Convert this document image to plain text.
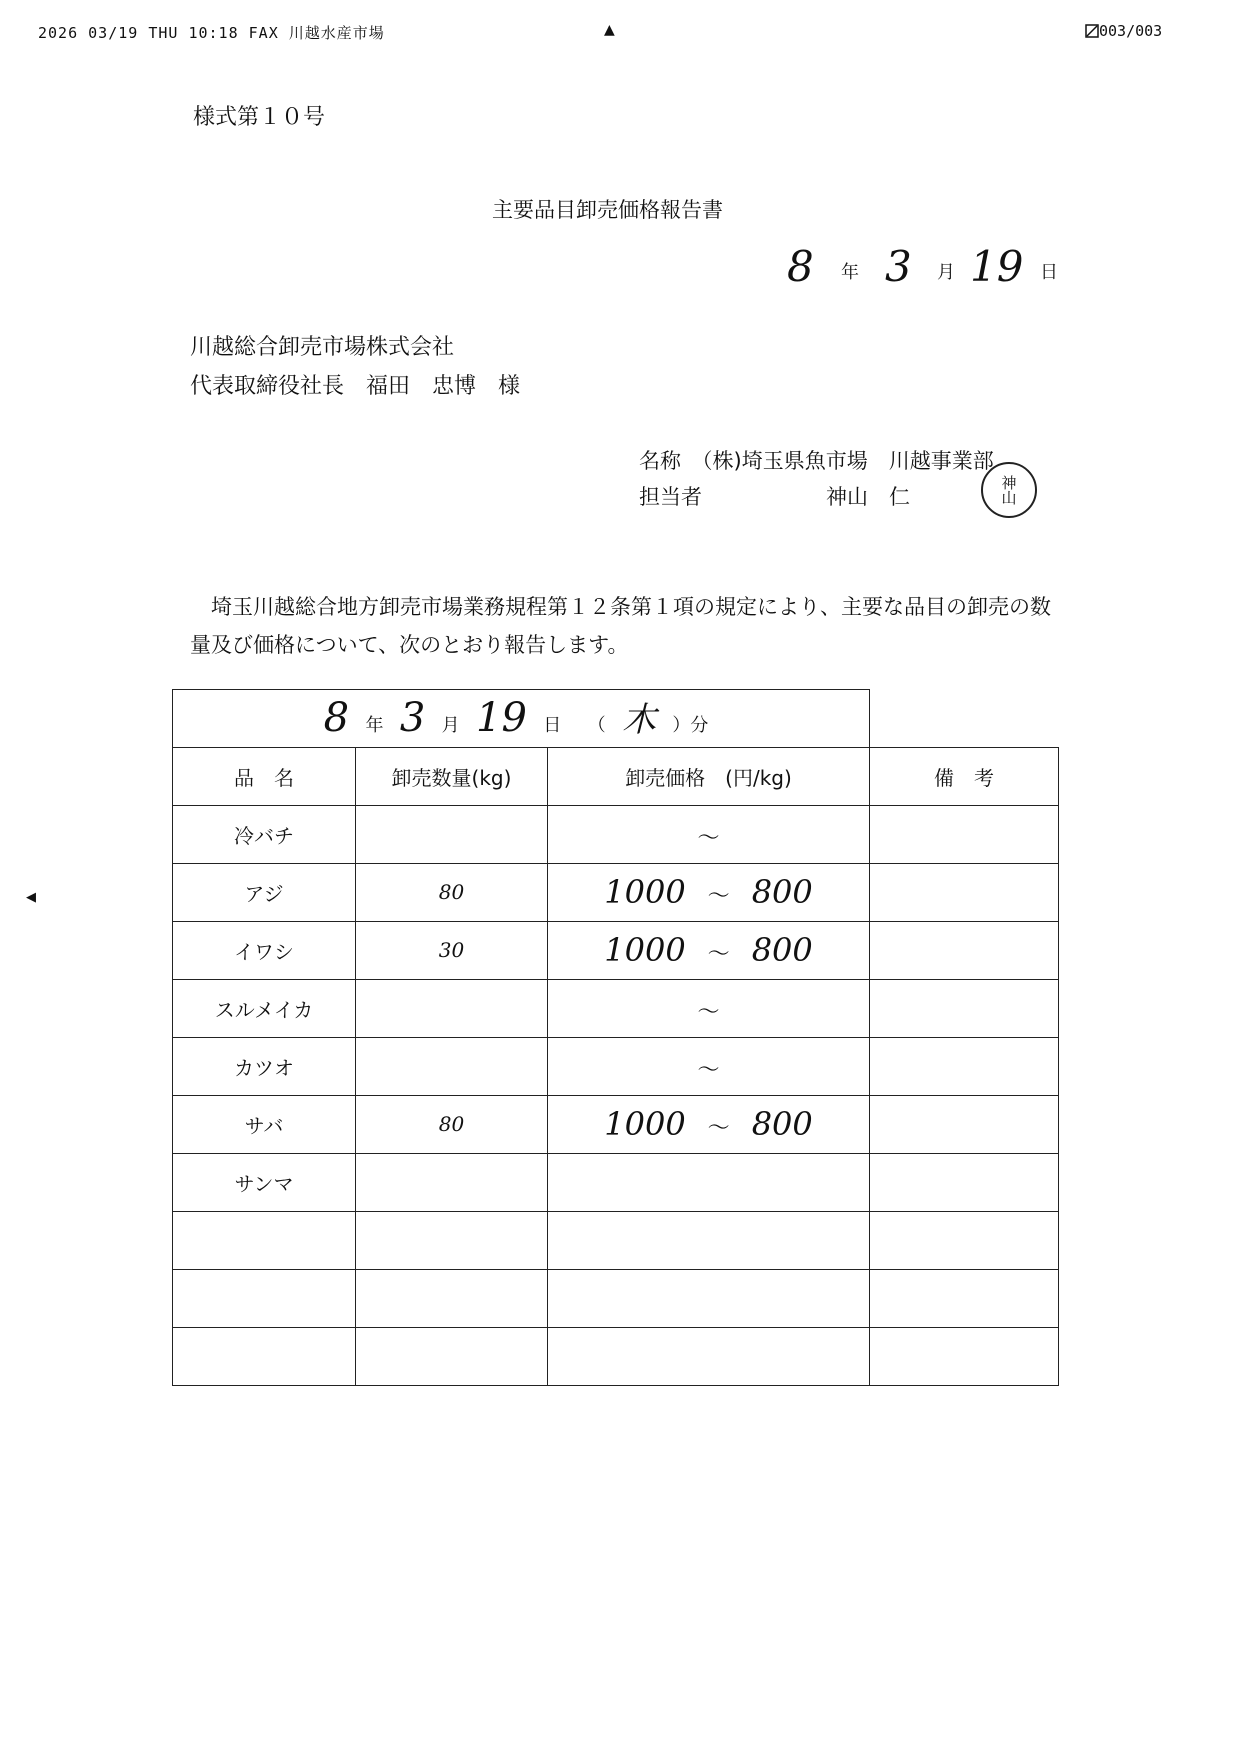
2026 03/19 THU 10:18 FAX 川越水産市場	▲	003/003
◀
様式第１０号
主要品目卸売価格報告書
8 年 3 月 19 日
川越総合卸売市場株式会社
代表取締役社長　福田　忠博　様
名称　（株)埼玉県魚市場　川越事業部
担当者	神山　仁	神山
埼玉川越総合地方卸売市場業務規程第１２条第１項の規定により、主要な品目の卸売の数量及び価格について、次のとおり報告します。
8 年 3 月 19 日 （ 木 ）分			
品　名	卸売数量(kg)	卸売価格　(円/kg)	備　考
冷バチ		～	
アジ	80	1000 ～ 800	
イワシ	30	1000 ～ 800	
スルメイカ		～	
カツオ		～	
サバ	80	1000 ～ 800	
サンマ			
